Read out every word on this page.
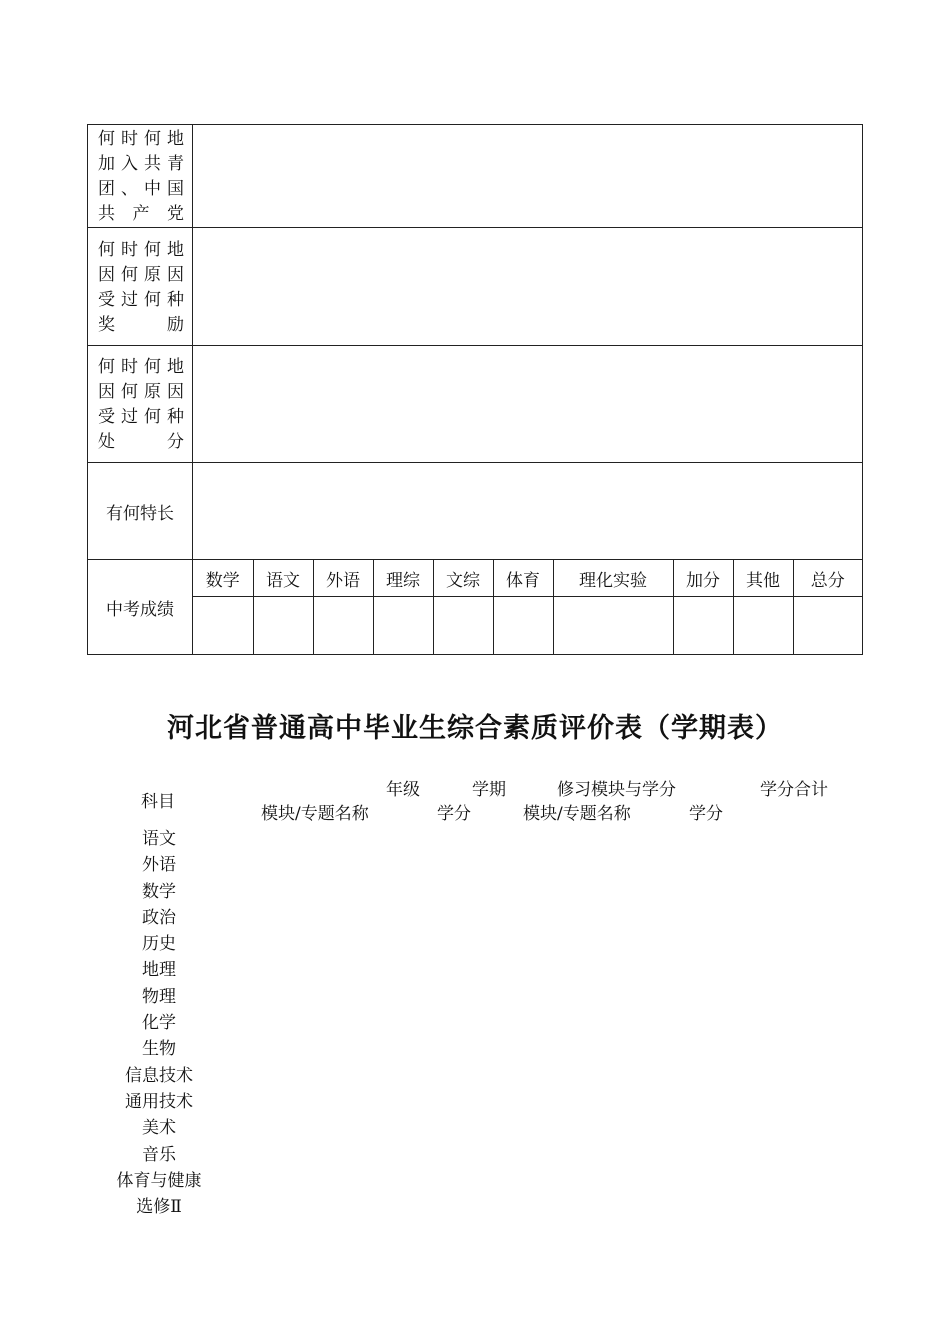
何时何地
加入共青
团、中国
共 产 党

何时何地
因何原因
受过何种
奖 励

何时何地
因何原因
受过何种
处 分

有何特长	
中考成绩	
数学	语文	外语	理综	文综	体育	理化实验	加分	其他	总分

河北省普通高中毕业生综合素质评价表（学期表）
科目
年级	学期	修习模块与学分	学分合计
模块/专题名称	学分	模块/专题名称	学分
语文
外语
数学
政治
历史
地理
物理
化学
生物
信息技术
通用技术
美术
音乐
体育与健康
选修Ⅱ
